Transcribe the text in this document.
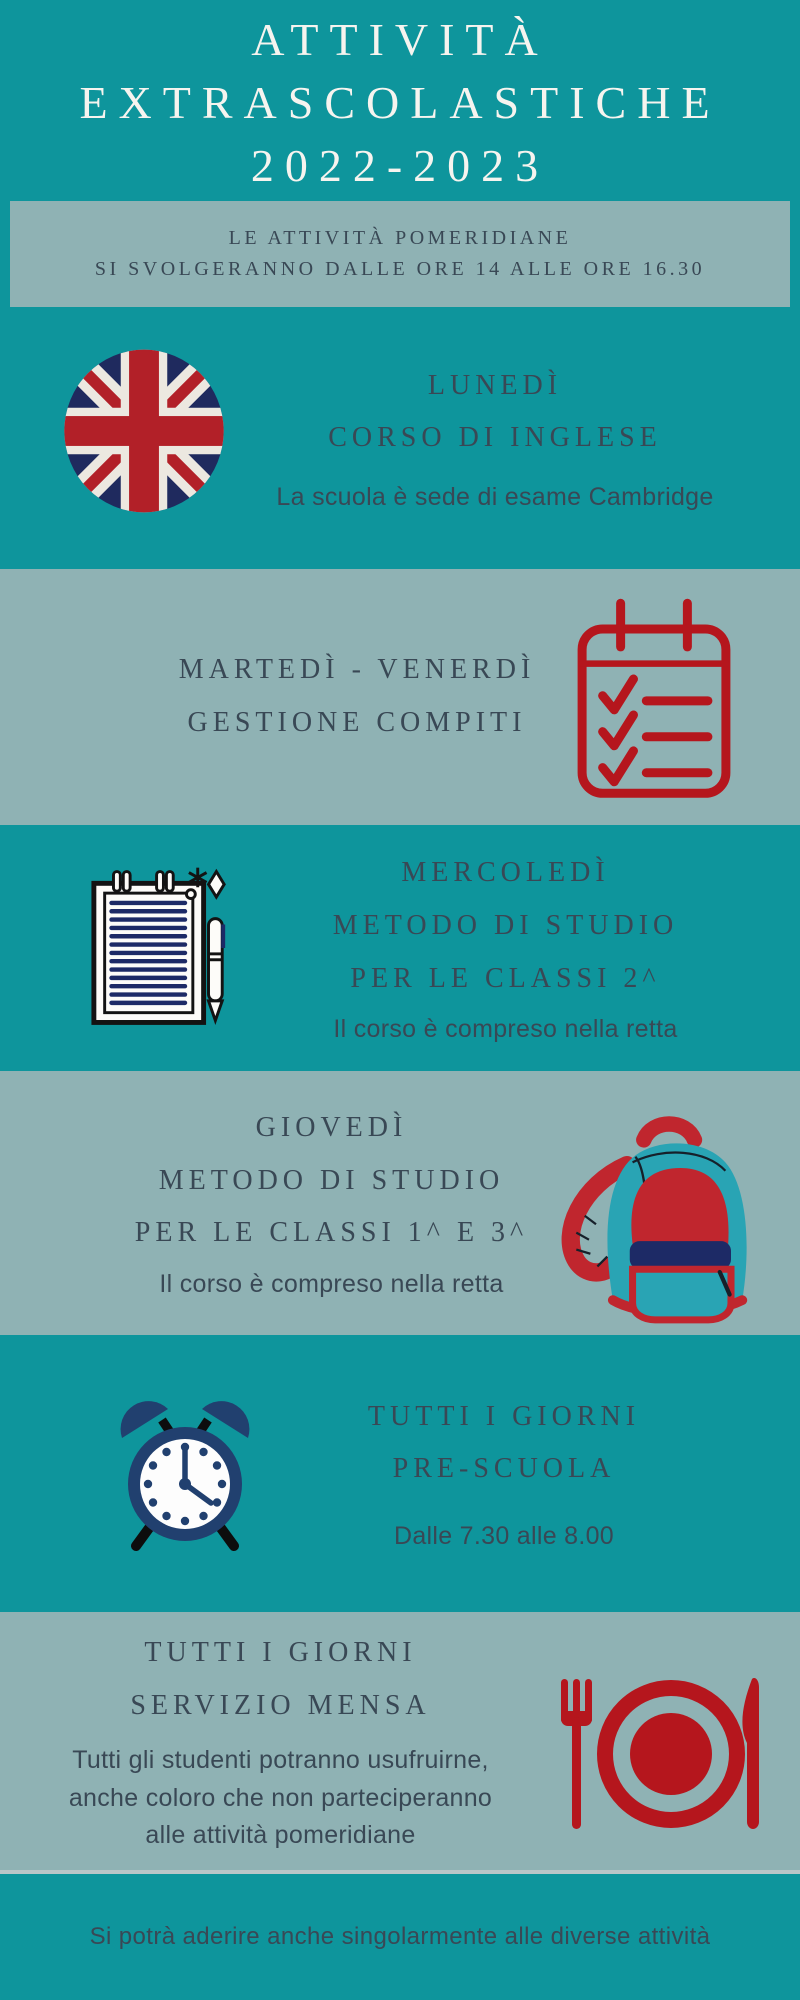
ATTIVITÀ
EXTRASCOLASTICHE
2022-2023
LE ATTIVITÀ POMERIDIANE
SI SVOLGERANNO DALLE ORE 14 ALLE ORE 16.30
LUNEDÌ
CORSO DI INGLESE
La scuola è sede di esame Cambridge
MARTEDÌ - VENERDÌ
GESTIONE COMPITI
MERCOLEDÌ
METODO DI STUDIO
PER LE CLASSI 2^
Il corso è compreso nella retta
GIOVEDÌ
METODO DI STUDIO
PER LE CLASSI 1^ E 3^
Il corso è compreso nella retta
TUTTI I GIORNI
PRE-SCUOLA
Dalle 7.30 alle 8.00
TUTTI I GIORNI
SERVIZIO MENSA
Tutti gli studenti potranno usufruirne,
anche coloro che non parteciperanno
alle attività pomeridiane
Si potrà aderire anche singolarmente alle diverse attività
